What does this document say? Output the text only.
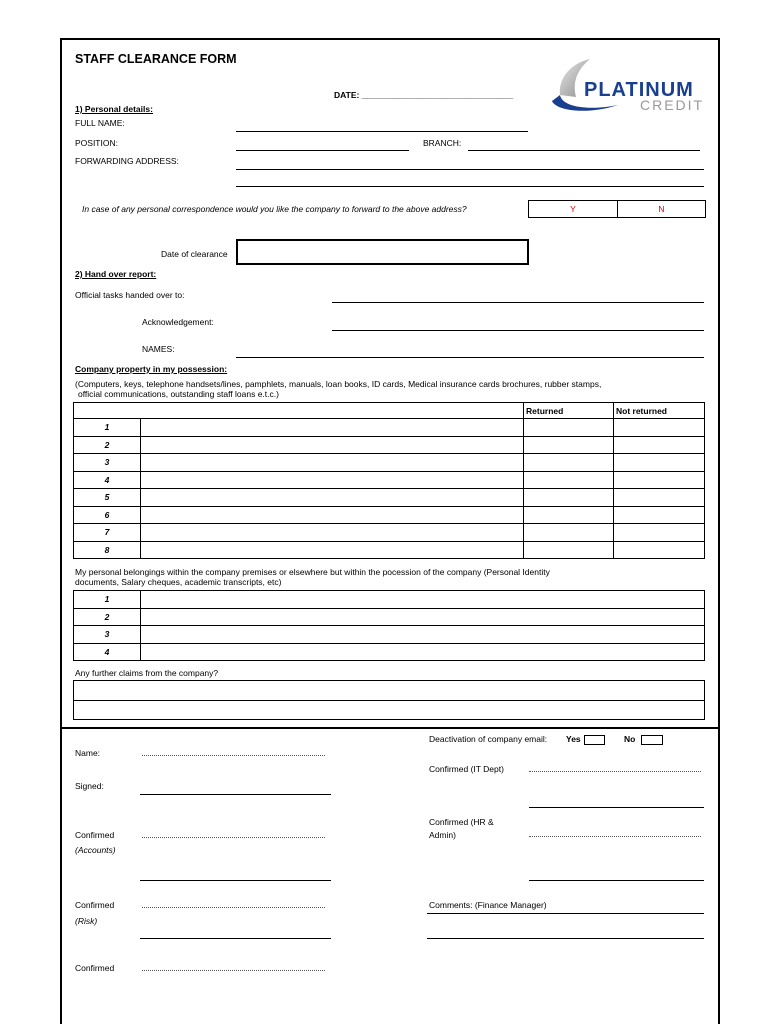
STAFF CLEARANCE FORM
DATE: ________________________________	PLATINUM
CREDIT
1) Personal details:
FULL NAME:
POSITION:	BRANCH:
FORWARDING ADDRESS:
In case of any personal correspondence would you like the company to forward to the above address?	Y	N
Date of clearance
2) Hand over report:
Official tasks handed over to:
Acknowledgement:
NAMES:
Company property in my possession:
(Computers, keys, telephone handsets/lines, pamphlets, manuals, loan books, ID cards, Medical insurance cards brochures, rubber stamps,
official communications, outstanding staff loans e.t.c.)
		Returned	Not returned
1			
2			
3			
4			
5			
6			
7			
8			
My personal belongings within the company premises or elsewhere but within the pocession of the company (Personal Identity
documents, Salary cheques, academic transcripts, etc)
1	
2	
3	
4	
Any further claims from the company?
Name:
Signed:
Confirmed
(Accounts)
Confirmed
(Risk)
Confirmed
Deactivation of company email: Yes	No
Confirmed (IT Dept)
Confirmed (HR &
Admin)
Comments: (Finance Manager)
